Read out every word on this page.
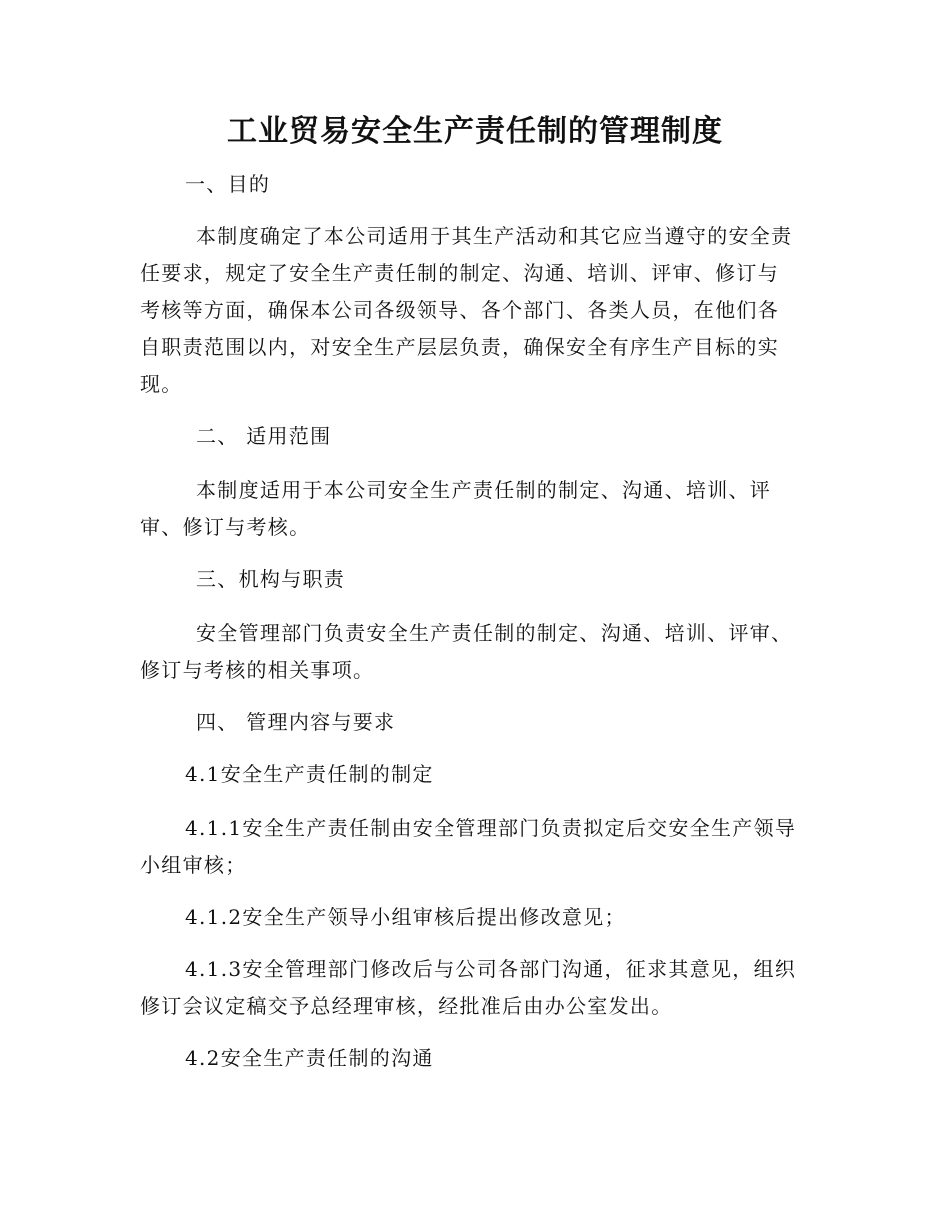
工业贸易安全生产责任制的管理制度
一、目的
本制度确定了本公司适用于其生产活动和其它应当遵守的安全责
任要求，规定了安全生产责任制的制定、沟通、培训、评审、修订与
考核等方面，确保本公司各级领导、各个部门、各类人员，在他们各
自职责范围以内，对安全生产层层负责，确保安全有序生产目标的实
现。
二、 适用范围
本制度适用于本公司安全生产责任制的制定、沟通、培训、评
审、修订与考核。
三、机构与职责
安全管理部门负责安全生产责任制的制定、沟通、培训、评审、
修订与考核的相关事项。
四、 管理内容与要求
4.1安全生产责任制的制定
4.1.1安全生产责任制由安全管理部门负责拟定后交安全生产领导
小组审核；
4.1.2安全生产领导小组审核后提出修改意见；
4.1.3安全管理部门修改后与公司各部门沟通，征求其意见，组织
修订会议定稿交予总经理审核，经批准后由办公室发出。
4.2安全生产责任制的沟通
